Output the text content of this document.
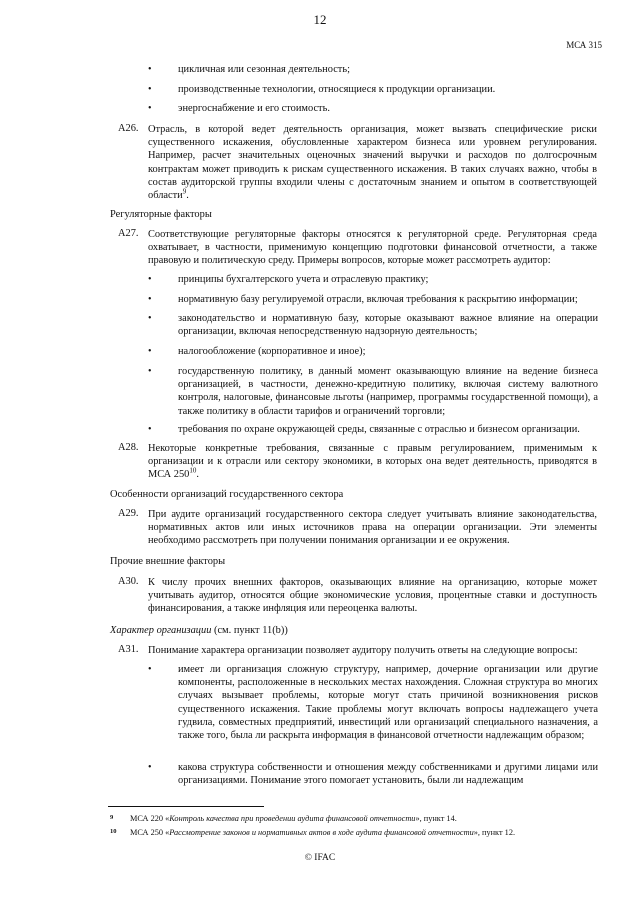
12
МСА 315
•	цикличная или сезонная деятельность;
•	производственные технологии, относящиеся к продукции организации.
•	энергоснабжение и его стоимость.
A26. Отрасль, в которой ведет деятельность организация, может вызвать специфические риски существенного искажения, обусловленные характером бизнеса или уровнем регулирования. Например, расчет значительных оценочных значений выручки и расходов по долгосрочным контрактам может приводить к рискам существенного искажения. В таких случаях важно, чтобы в состав аудиторской группы входили члены с достаточным знанием и опытом в соответствующей области$^9$.
Регуляторные факторы
A27. Соответствующие регуляторные факторы относятся к регуляторной среде. Регуляторная среда охватывает, в частности, применимую концепцию подготовки финансовой отчетности, а также правовую и политическую среду. Примеры вопросов, которые может рассмотреть аудитор:
•	принципы бухгалтерского учета и отраслевую практику;
•	нормативную базу регулируемой отрасли, включая требования к раскрытию информации;
•	законодательство и нормативную базу, которые оказывают важное влияние на операции организации, включая непосредственную надзорную деятельность;
•	налогообложение (корпоративное и иное);
•	государственную политику, в данный момент оказывающую влияние на ведение бизнеса организацией, в частности, денежно-кредитную политику, включая систему валютного контроля, налоговые, финансовые льготы (например, программы государственной помощи), а также политику в области тарифов и ограничений торговли;
•	требования по охране окружающей среды, связанные с отраслью и бизнесом организации.
A28. Некоторые конкретные требования, связанные с правым регулированием, применимым к организации и к отрасли или сектору экономики, в которых она ведет деятельность, приводятся в МСА $250^{10}$.
Особенности организаций государственного сектора
A29. При аудите организаций государственного сектора следует учитывать влияние законодательства, нормативных актов или иных источников права на операции организации. Эти элементы необходимо рассмотреть при получении понимания организации и ее окружения.
Прочие внешние факторы
A30. К числу прочих внешних факторов, оказывающих влияние на организацию, которые может учитывать аудитор, относятся общие экономические условия, процентные ставки и доступность финансирования, а также инфляция или переоценка валюты.
Характер организации (см. пункт 11(b))
A31. Понимание характера организации позволяет аудитору получить ответы на следующие вопросы:
•	имеет ли организация сложную структуру, например, дочерние организации или другие компоненты, расположенные в нескольких местах нахождения. Сложная структура во многих случаях вызывает проблемы, которые могут стать причиной возникновения рисков существенного искажения. Такие проблемы могут включать вопросы надлежащего учета гудвила, совместных предприятий, инвестиций или организаций специального назначения, а также того, была ли раскрыта информация в финансовой отчетности надлежащим образом;
•	какова структура собственности и отношения между собственниками и другими лицами или организациями. Понимание этого помогает установить, были ли надлежащим
9 МСА 220 «Контроль качества при проведении аудита финансовой отчетности», пункт 14.
10 МСА 250 «Рассмотрение законов и нормативных актов в ходе аудита финансовой отчетности», пункт 12.
© IFAC
